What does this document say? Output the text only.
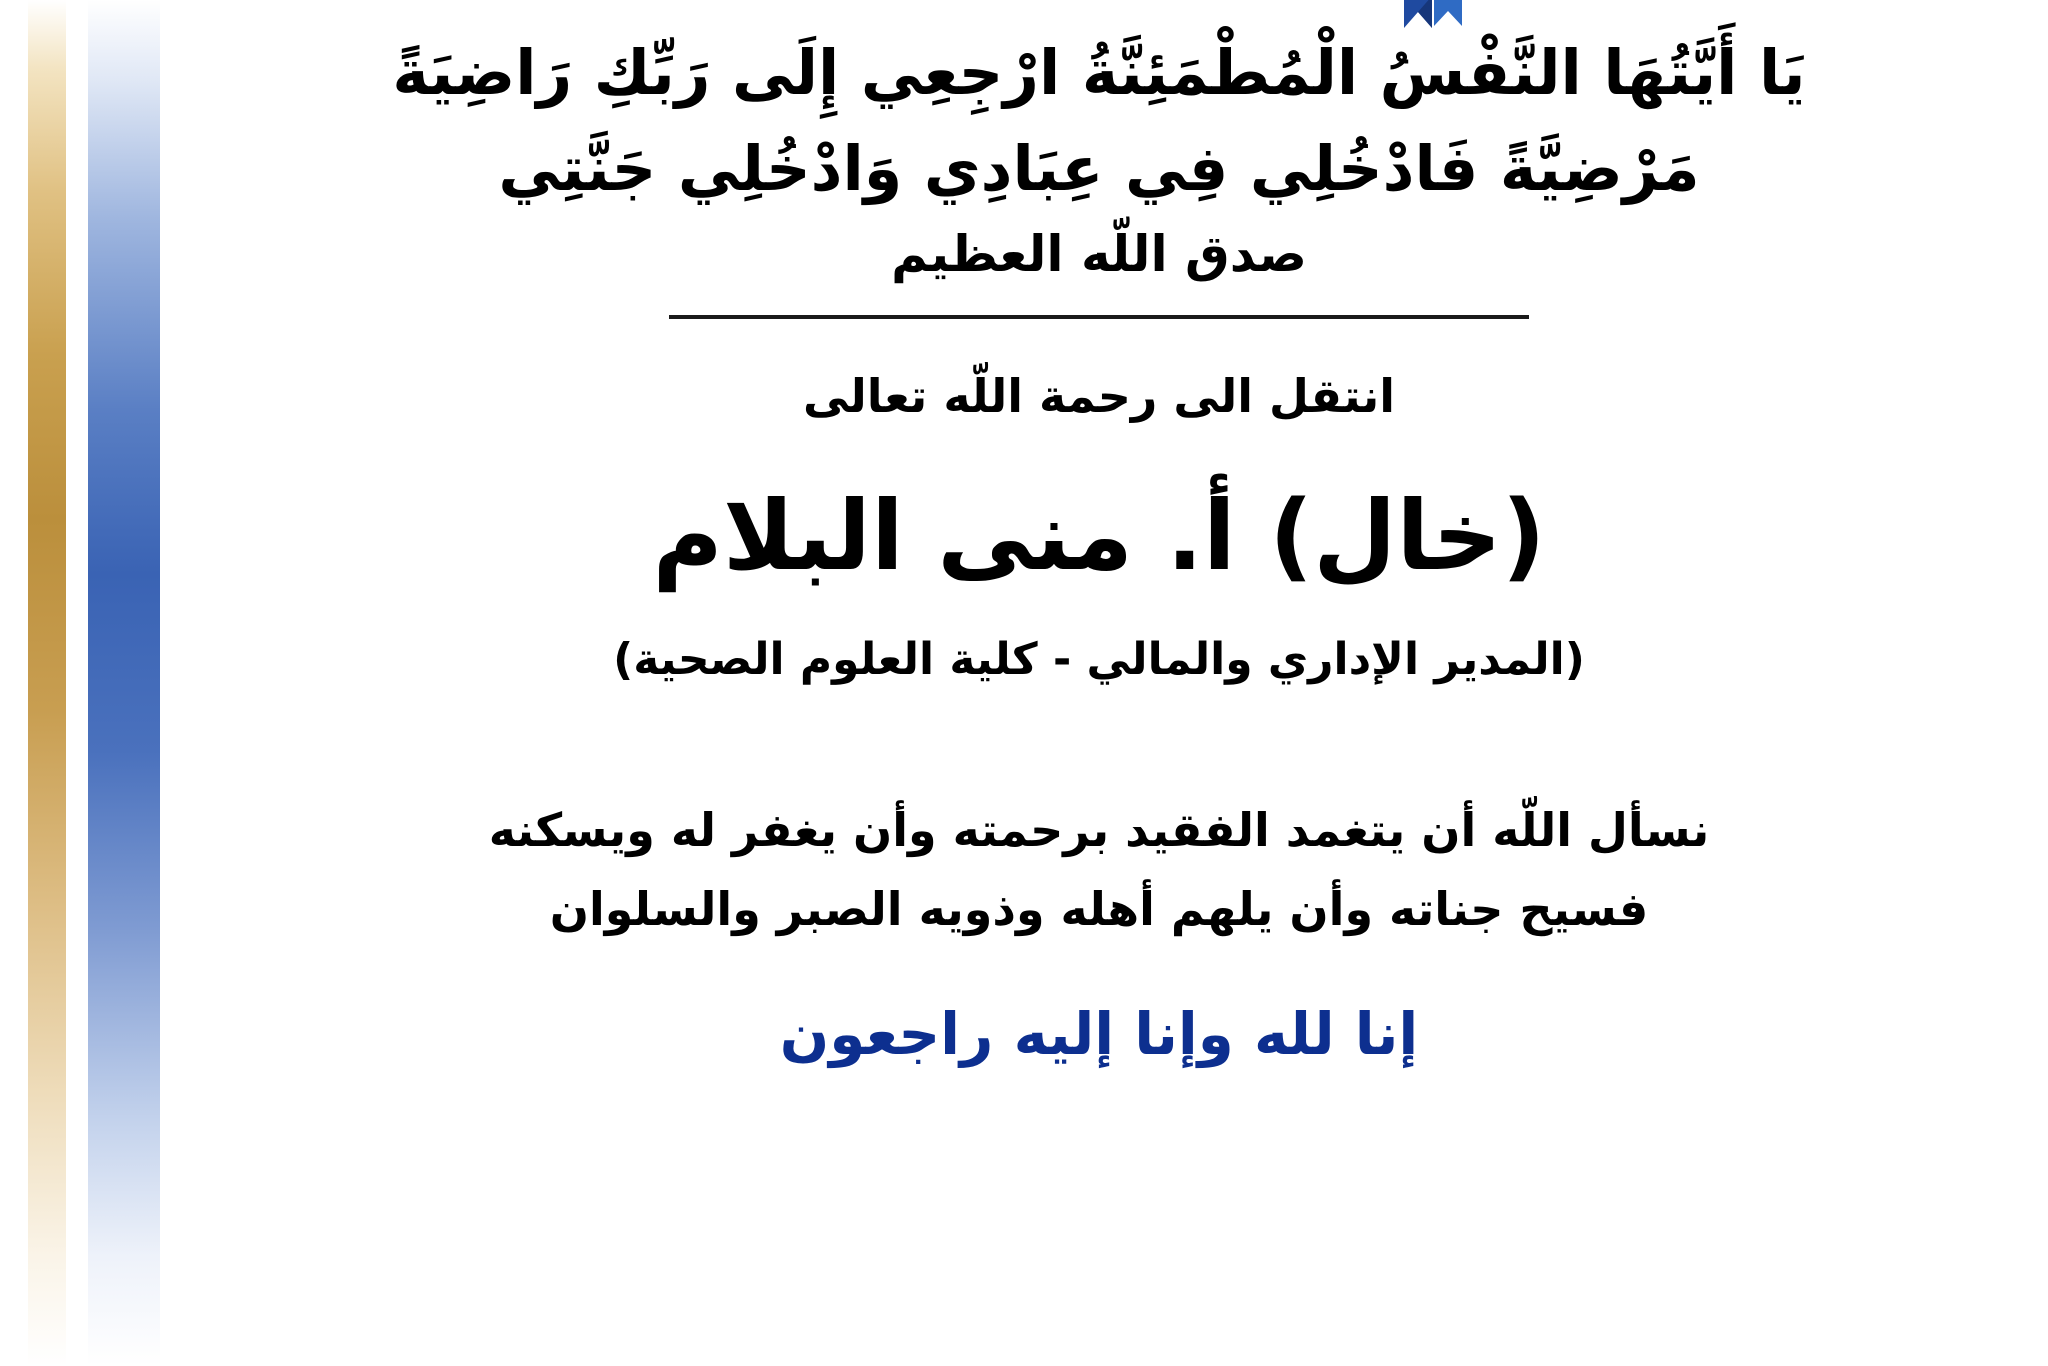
يَا أَيَّتُهَا النَّفْسُ الْمُطْمَئِنَّةُ ارْجِعِي إِلَى رَبِّكِ رَاضِيَةً
مَرْضِيَّةً فَادْخُلِي فِي عِبَادِي وَادْخُلِي جَنَّتِي
صدق اللّه العظيم
انتقل الى رحمة اللّه تعالى
(خال) أ. منى البلام
(المدير الإداري والمالي - كلية العلوم الصحية)
نسأل اللّه أن يتغمد الفقيد برحمته وأن يغفر له ويسكنه
فسيح جناته وأن يلهم أهله وذويه الصبر والسلوان
إنا لله وإنا إليه راجعون
